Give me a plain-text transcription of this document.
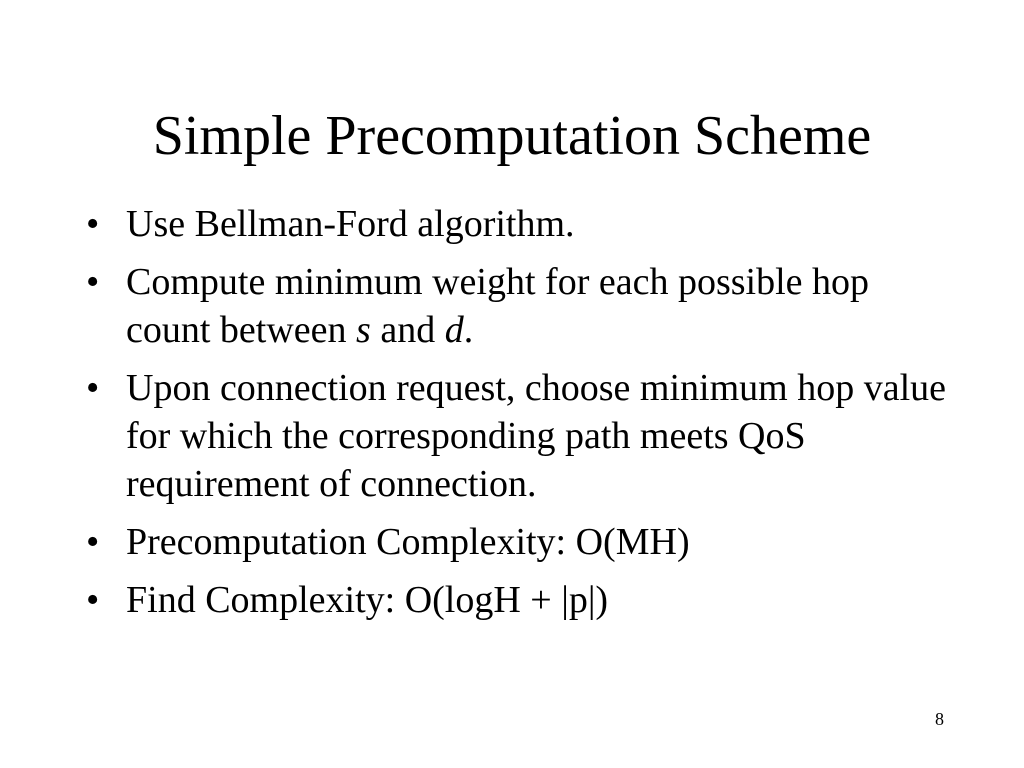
Simple Precomputation Scheme
• Use Bellman-Ford algorithm.
• Compute minimum weight for each possible hop count between s and d.
• Upon connection request, choose minimum hop value for which the corresponding path meets QoS requirement of connection.
• Precomputation Complexity: O(MH)
• Find Complexity: O(logH + |p|)
8
